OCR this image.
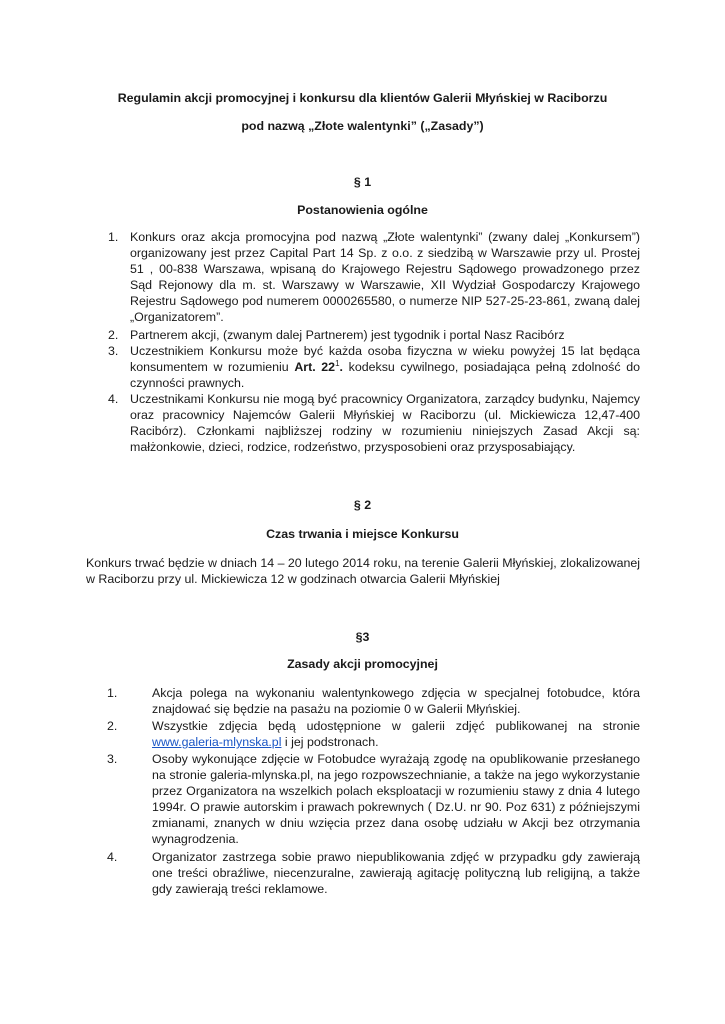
Regulamin akcji promocyjnej i konkursu dla klientów Galerii Młyńskiej w Raciborzu

pod nazwą „Złote walentynki” („Zasady”)

§ 1

Postanowienia ogólne

1. Konkurs oraz akcja promocyjna pod nazwą „Złote walentynki” (zwany dalej „Konkursem”) organizowany jest przez Capital Part 14 Sp. z o.o. z siedzibą w Warszawie przy ul. Prostej 51 , 00-838 Warszawa, wpisaną do Krajowego Rejestru Sądowego prowadzonego przez Sąd Rejonowy dla m. st. Warszawy w Warszawie, XII Wydział Gospodarczy Krajowego Rejestru Sądowego pod numerem 0000265580, o numerze NIP 527-25-23-861, zwaną dalej „Organizatorem”.
2. Partnerem akcji, (zwanym dalej Partnerem) jest tygodnik i portal Nasz Racibórz
3. Uczestnikiem Konkursu może być każda osoba fizyczna w wieku powyżej 15 lat będąca konsumentem w rozumieniu Art. $22^1$. kodeksu cywilnego, posiadająca pełną zdolność do czynności prawnych.
4. Uczestnikami Konkursu nie mogą być pracownicy Organizatora, zarządcy budynku, Najemcy oraz pracownicy Najemców Galerii Młyńskiej w Raciborzu (ul. Mickiewicza 12,47-400 Racibórz). Członkami najbliższej rodziny w rozumieniu niniejszych Zasad Akcji są: małżonkowie, dzieci, rodzice, rodzeństwo, przysposobieni oraz przysposabiający.

§ 2

Czas trwania i miejsce Konkursu

Konkurs trwać będzie w dniach 14 – 20 lutego 2014 roku, na terenie Galerii Młyńskiej, zlokalizowanej w Raciborzu przy ul. Mickiewicza 12 w godzinach otwarcia Galerii Młyńskiej

§3

Zasady akcji promocyjnej

1.	Akcja polega na wykonaniu walentynkowego zdjęcia w specjalnej fotobudce, która znajdować się będzie na pasażu na poziomie 0 w Galerii Młyńskiej.
2.	Wszystkie zdjęcia będą udostępnione w galerii zdjęć publikowanej na stronie www.galeria-mlynska.pl i jej podstronach.
3.	Osoby wykonujące zdjęcie w Fotobudce wyrażają zgodę na opublikowanie przesłanego na stronie galeria-mlynska.pl, na jego rozpowszechnianie, a także na jego wykorzystanie przez Organizatora na wszelkich polach eksploatacji w rozumieniu stawy z dnia 4 lutego 1994r. O prawie autorskim i prawach pokrewnych ( Dz.U. nr 90. Poz 631) z późniejszymi zmianami, znanych w dniu wzięcia przez dana osobę udziału w Akcji bez otrzymania wynagrodzenia.
4.	Organizator zastrzega sobie prawo niepublikowania zdjęć w przypadku gdy zawierają one treści obraźliwe, niecenzuralne, zawierają agitację polityczną lub religijną, a także gdy zawierają treści reklamowe.
